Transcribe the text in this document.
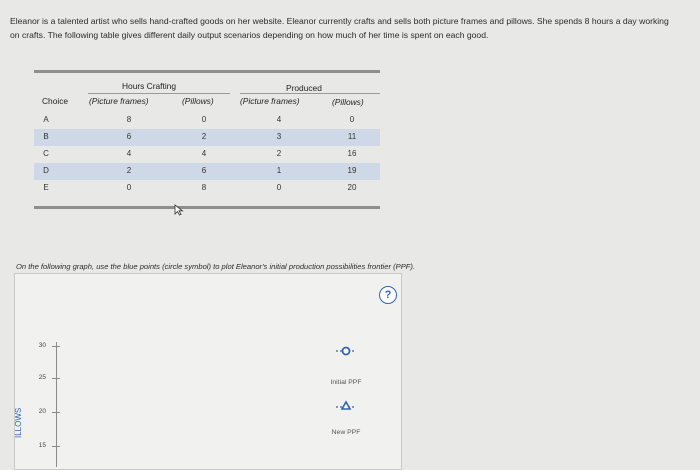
Eleanor is a talented artist who sells hand-crafted goods on her website. Eleanor currently crafts and sells both picture frames and pillows. She spends 8 hours a day working on crafts. The following table gives different daily output scenarios depending on how much of her time is spent on each good.
Hours Crafting	Produced
Choice (Picture frames)	(Pillows)	(Picture frames)	(Pillows)
A	8	0	4	0
B	6	2	3	11
C	4	4	2	16
D	2	6	1	19
E	0	8	0	20
On the following graph, use the blue points (circle symbol) to plot Eleanor's initial production possibilities frontier (PPF).
?
30
25
20
15
ILLOWS
Initial PPF
New PPF
